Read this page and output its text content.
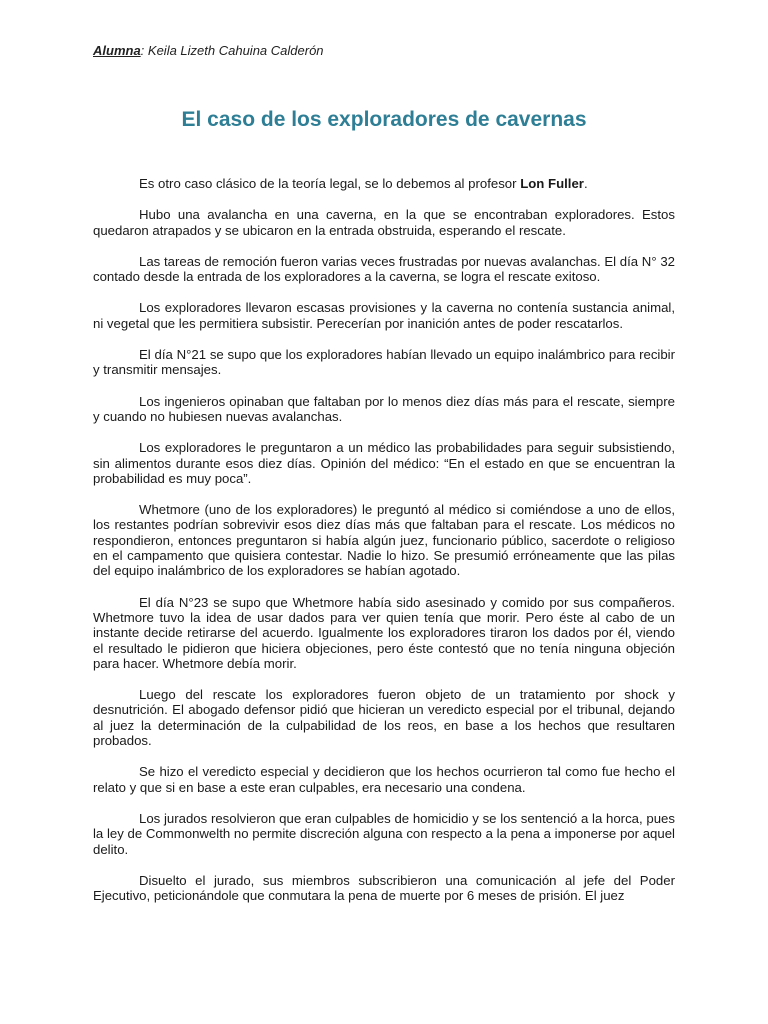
Alumna: Keila Lizeth Cahuina Calderón
El caso de los exploradores de cavernas

Es otro caso clásico de la teoría legal, se lo debemos al profesor Lon Fuller.

Hubo una avalancha en una caverna, en la que se encontraban exploradores. Estos quedaron atrapados y se ubicaron en la entrada obstruida, esperando el rescate.

Las tareas de remoción fueron varias veces frustradas por nuevas avalanchas. El día N° 32 contado desde la entrada de los exploradores a la caverna, se logra el rescate exitoso.

Los exploradores llevaron escasas provisiones y la caverna no contenía sustancia animal, ni vegetal que les permitiera subsistir. Perecerían por inanición antes de poder rescatarlos.

El día N°21 se supo que los exploradores habían llevado un equipo inalámbrico para recibir y transmitir mensajes.

Los ingenieros opinaban que faltaban por lo menos diez días más para el rescate, siempre y cuando no hubiesen nuevas avalanchas.

Los exploradores le preguntaron a un médico las probabilidades para seguir subsistiendo, sin alimentos durante esos diez días. Opinión del médico: “En el estado en que se encuentran la probabilidad es muy poca”.

Whetmore (uno de los exploradores) le preguntó al médico si comiéndose a uno de ellos, los restantes podrían sobrevivir esos diez días más que faltaban para el rescate. Los médicos no respondieron, entonces preguntaron si había algún juez, funcionario público, sacerdote o religioso en el campamento que quisiera contestar. Nadie lo hizo. Se presumió erróneamente que las pilas del equipo inalámbrico de los exploradores se habían agotado.

El día N°23 se supo que Whetmore había sido asesinado y comido por sus compañeros. Whetmore tuvo la idea de usar dados para ver quien tenía que morir. Pero éste al cabo de un instante decide retirarse del acuerdo. Igualmente los exploradores tiraron los dados por él, viendo el resultado le pidieron que hiciera objeciones, pero éste contestó que no tenía ninguna objeción para hacer. Whetmore debía morir.

Luego del rescate los exploradores fueron objeto de un tratamiento por shock y desnutrición. El abogado defensor pidió que hicieran un veredicto especial por el tribunal, dejando al juez la determinación de la culpabilidad de los reos, en base a los hechos que resultaren probados.

Se hizo el veredicto especial y decidieron que los hechos ocurrieron tal como fue hecho el relato y que si en base a este eran culpables, era necesario una condena.

Los jurados resolvieron que eran culpables de homicidio y se los sentenció a la horca, pues la ley de Commonwelth no permite discreción alguna con respecto a la pena a imponerse por aquel delito.

Disuelto el jurado, sus miembros subscribieron una comunicación al jefe del Poder Ejecutivo, peticionándole que conmutara la pena de muerte por 6 meses de prisión. El juez
